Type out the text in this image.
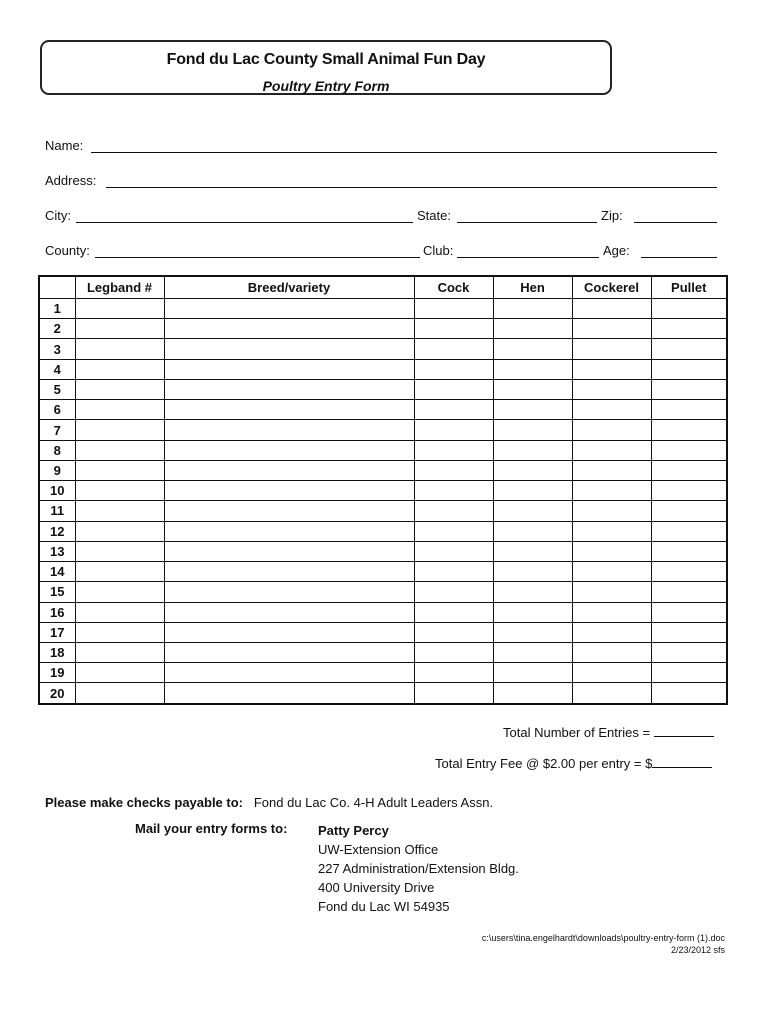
Fond du Lac County Small Animal Fun Day
Poultry Entry Form
Name:
Address:
City:	State:	Zip:
County:	Club:	Age:
	Legband #	Breed/variety	Cock	Hen	Cockerel	Pullet
1						
2						
3						
4						
5						
6						
7						
8						
9						
10						
11						
12						
13						
14						
15						
16						
17						
18						
19						
20						
Total Number of Entries =
Total Entry Fee @ $2.00 per entry = $
Please make checks payable to: Fond du Lac Co. 4-H Adult Leaders Assn.
Mail your entry forms to: Patty Percy
UW-Extension Office
227 Administration/Extension Bldg.
400 University Drive
Fond du Lac WI 54935
c:\users\tina.engelhardt\downloads\poultry-entry-form (1).doc
2/23/2012 sfs
